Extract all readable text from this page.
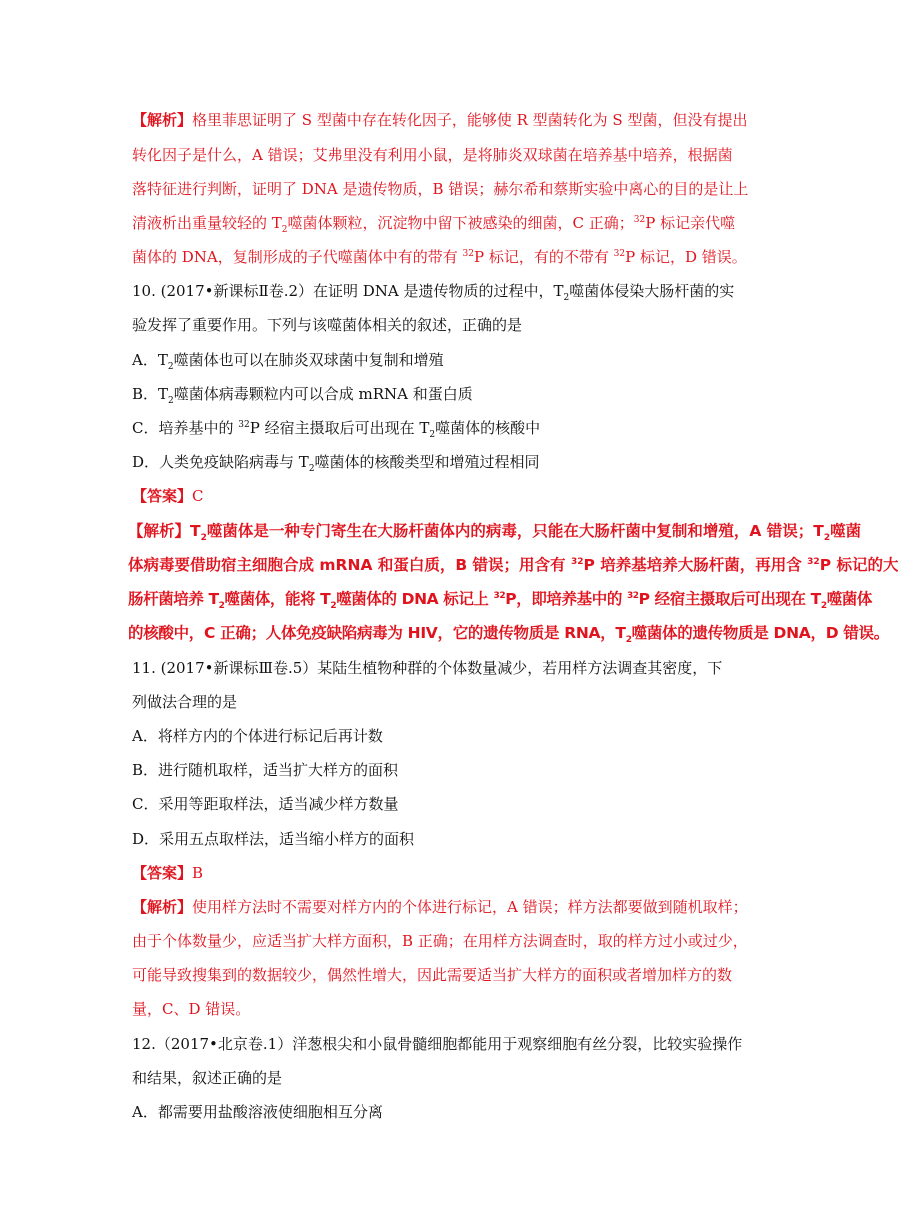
【解析】格里菲思证明了 S 型菌中存在转化因子，能够使 R 型菌转化为 S 型菌，但没有提出
转化因子是什么，A 错误；艾弗里没有利用小鼠，是将肺炎双球菌在培养基中培养，根据菌
落特征进行判断，证明了 DNA 是遗传物质，B 错误；赫尔希和蔡斯实验中离心的目的是让上
清液析出重量较轻的 $T_2$噬菌体颗粒，沉淀物中留下被感染的细菌，C 正确；$^{32}$P 标记亲代噬
菌体的 DNA，复制形成的子代噬菌体中有的带有 $^{32}$P 标记，有的不带有 $^{32}$P 标记，D 错误。
10. (2017•新课标Ⅱ卷.2）在证明 DNA 是遗传物质的过程中，$T_2$噬菌体侵染大肠杆菌的实
验发挥了重要作用。下列与该噬菌体相关的叙述，正确的是
A．$T_2$噬菌体也可以在肺炎双球菌中复制和增殖
B．$T_2$噬菌体病毒颗粒内可以合成 mRNA 和蛋白质
C．培养基中的 $^{32}$P 经宿主摄取后可出现在 $T_2$噬菌体的核酸中
D．人类免疫缺陷病毒与 $T_2$噬菌体的核酸类型和增殖过程相同
【答案】C
【解析】$T_2$噬菌体是一种专门寄生在大肠杆菌体内的病毒，只能在大肠杆菌中复制和增殖，A 错误；$T_2$噬菌
体病毒要借助宿主细胞合成 mRNA 和蛋白质，B 错误；用含有 $^{32}$P 培养基培养大肠杆菌，再用含 $^{32}$P 标记的大
肠杆菌培养 $T_2$噬菌体，能将 $T_2$噬菌体的 DNA 标记上 $^{32}$P，即培养基中的 $^{32}$P 经宿主摄取后可出现在 $T_2$噬菌体
的核酸中，C 正确；人体免疫缺陷病毒为 HIV，它的遗传物质是 RNA，$T_2$噬菌体的遗传物质是 DNA，D 错误。
11. (2017•新课标Ⅲ卷.5）某陆生植物种群的个体数量减少，若用样方法调查其密度，下
列做法合理的是
A．将样方内的个体进行标记后再计数
B．进行随机取样，适当扩大样方的面积
C．采用等距取样法，适当减少样方数量
D．采用五点取样法，适当缩小样方的面积
【答案】B
【解析】使用样方法时不需要对样方内的个体进行标记，A 错误；样方法都要做到随机取样；
由于个体数量少，应适当扩大样方面积，B 正确；在用样方法调查时，取的样方过小或过少，
可能导致搜集到的数据较少，偶然性增大，因此需要适当扩大样方的面积或者增加样方的数
量，C、D 错误。
12.（2017•北京卷.1）洋葱根尖和小鼠骨髓细胞都能用于观察细胞有丝分裂，比较实验操作
和结果，叙述正确的是
A．都需要用盐酸溶液使细胞相互分离
